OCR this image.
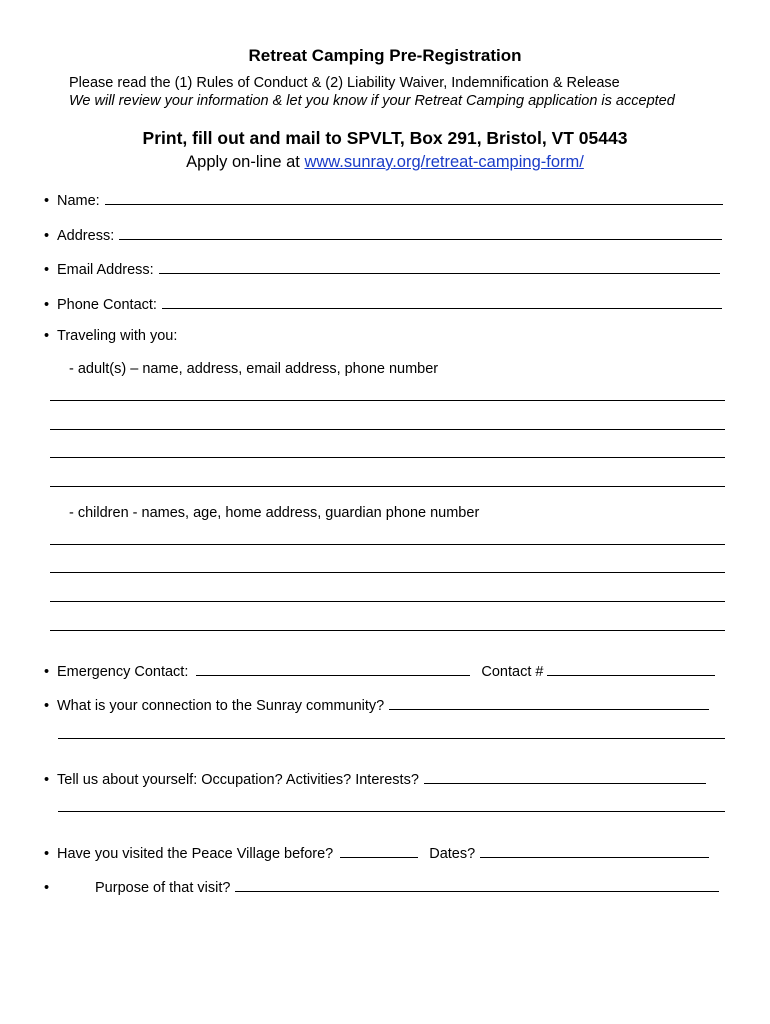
Retreat Camping Pre-Registration
Please read the (1) Rules of Conduct & (2) Liability Waiver, Indemnification & Release
We will review your information & let you know if your Retreat Camping application is accepted
Print, fill out and mail to SPVLT, Box 291, Bristol, VT 05443
Apply on-line at www.sunray.org/retreat-camping-form/
• Name:
• Address:
• Email Address:
• Phone Contact:
• Traveling with you:
- adult(s) – name, address, email address, phone number
- children - names, age, home address, guardian phone number
• Emergency Contact:	Contact #
• What is your connection to the Sunray community?
• Tell us about yourself: Occupation? Activities? Interests?
• Have you visited the Peace Village before?	Dates?
•	Purpose of that visit?
